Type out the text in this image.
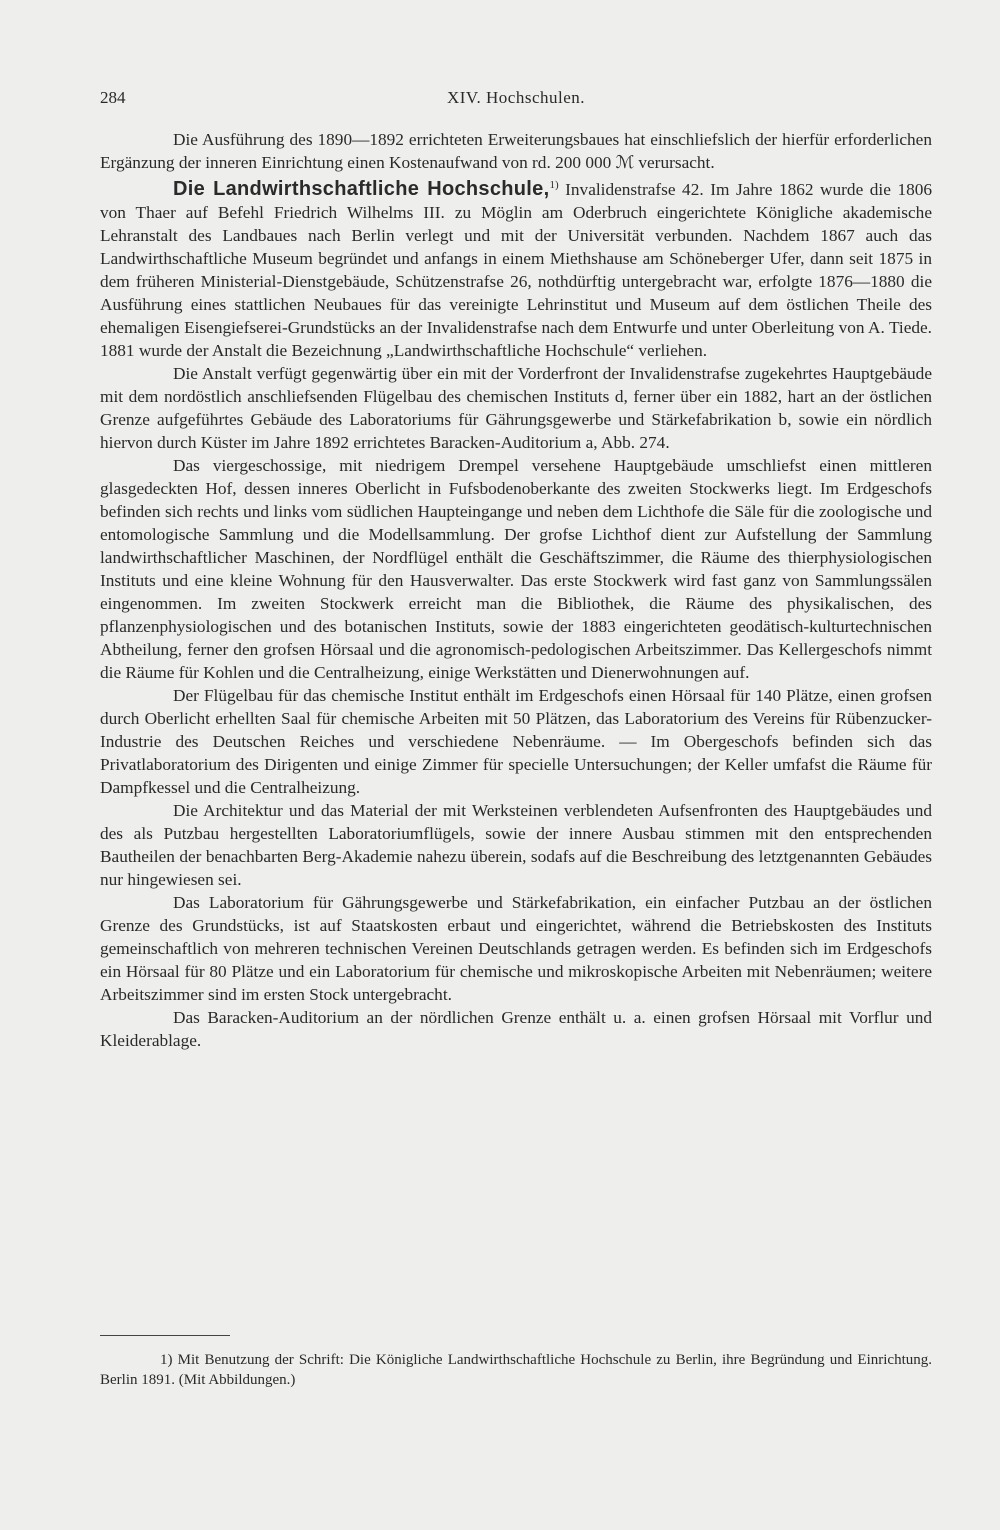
284	XIV. Hochschulen.

Die Ausführung des 1890—1892 errichteten Erweiterungsbaues hat einschliefslich der hierfür erforderlichen Ergänzung der inneren Einrichtung einen Kostenaufwand von rd. 200 000 ℳ verursacht.

Die Landwirthschaftliche Hochschule,$^{1)}$ Invalidenstrafse 42. Im Jahre 1862 wurde die 1806 von Thaer auf Befehl Friedrich Wilhelms III. zu Möglin am Oderbruch eingerichtete Königliche akademische Lehranstalt des Landbaues nach Berlin verlegt und mit der Universität verbunden. Nachdem 1867 auch das Landwirthschaftliche Museum begründet und anfangs in einem Miethshause am Schöneberger Ufer, dann seit 1875 in dem früheren Ministerial-Dienstgebäude, Schützenstrafse 26, nothdürftig untergebracht war, erfolgte 1876—1880 die Ausführung eines stattlichen Neubaues für das vereinigte Lehrinstitut und Museum auf dem östlichen Theile des ehemaligen Eisengiefserei-Grundstücks an der Invalidenstrafse nach dem Entwurfe und unter Oberleitung von A. Tiede. 1881 wurde der Anstalt die Bezeichnung „Landwirthschaftliche Hochschule“ verliehen.

Die Anstalt verfügt gegenwärtig über ein mit der Vorderfront der Invalidenstrafse zugekehrtes Hauptgebäude mit dem nordöstlich anschliefsenden Flügelbau des chemischen Instituts d, ferner über ein 1882, hart an der östlichen Grenze aufgeführtes Gebäude des Laboratoriums für Gährungsgewerbe und Stärkefabrikation b, sowie ein nördlich hiervon durch Küster im Jahre 1892 errichtetes Baracken-Auditorium a, Abb. 274.

Das viergeschossige, mit niedrigem Drempel versehene Hauptgebäude umschliefst einen mittleren glasgedeckten Hof, dessen inneres Oberlicht in Fufsbodenoberkante des zweiten Stockwerks liegt. Im Erdgeschofs befinden sich rechts und links vom südlichen Haupteingange und neben dem Lichthofe die Säle für die zoologische und entomologische Sammlung und die Modellsammlung. Der grofse Lichthof dient zur Aufstellung der Sammlung landwirthschaftlicher Maschinen, der Nordflügel enthält die Geschäftszimmer, die Räume des thierphysiologischen Instituts und eine kleine Wohnung für den Hausverwalter. Das erste Stockwerk wird fast ganz von Sammlungssälen eingenommen. Im zweiten Stockwerk erreicht man die Bibliothek, die Räume des physikalischen, des pflanzenphysiologischen und des botanischen Instituts, sowie der 1883 eingerichteten geodätisch-kulturtechnischen Abtheilung, ferner den grofsen Hörsaal und die agronomisch-pedologischen Arbeitszimmer. Das Kellergeschofs nimmt die Räume für Kohlen und die Centralheizung, einige Werkstätten und Dienerwohnungen auf.

Der Flügelbau für das chemische Institut enthält im Erdgeschofs einen Hörsaal für 140 Plätze, einen grofsen durch Oberlicht erhellten Saal für chemische Arbeiten mit 50 Plätzen, das Laboratorium des Vereins für Rübenzucker-Industrie des Deutschen Reiches und verschiedene Nebenräume. — Im Obergeschofs befinden sich das Privatlaboratorium des Dirigenten und einige Zimmer für specielle Untersuchungen; der Keller umfafst die Räume für Dampfkessel und die Centralheizung.

Die Architektur und das Material der mit Werksteinen verblendeten Aufsenfronten des Hauptgebäudes und des als Putzbau hergestellten Laboratoriumflügels, sowie der innere Ausbau stimmen mit den entsprechenden Bautheilen der benachbarten Berg-Akademie nahezu überein, sodafs auf die Beschreibung des letztgenannten Gebäudes nur hingewiesen sei.

Das Laboratorium für Gährungsgewerbe und Stärkefabrikation, ein einfacher Putzbau an der östlichen Grenze des Grundstücks, ist auf Staatskosten erbaut und eingerichtet, während die Betriebskosten des Instituts gemeinschaftlich von mehreren technischen Vereinen Deutschlands getragen werden. Es befinden sich im Erdgeschofs ein Hörsaal für 80 Plätze und ein Laboratorium für chemische und mikroskopische Arbeiten mit Nebenräumen; weitere Arbeitszimmer sind im ersten Stock untergebracht.

Das Baracken-Auditorium an der nördlichen Grenze enthält u. a. einen grofsen Hörsaal mit Vorflur und Kleiderablage.

1) Mit Benutzung der Schrift: Die Königliche Landwirthschaftliche Hochschule zu Berlin, ihre Begründung und Einrichtung. Berlin 1891. (Mit Abbildungen.)
